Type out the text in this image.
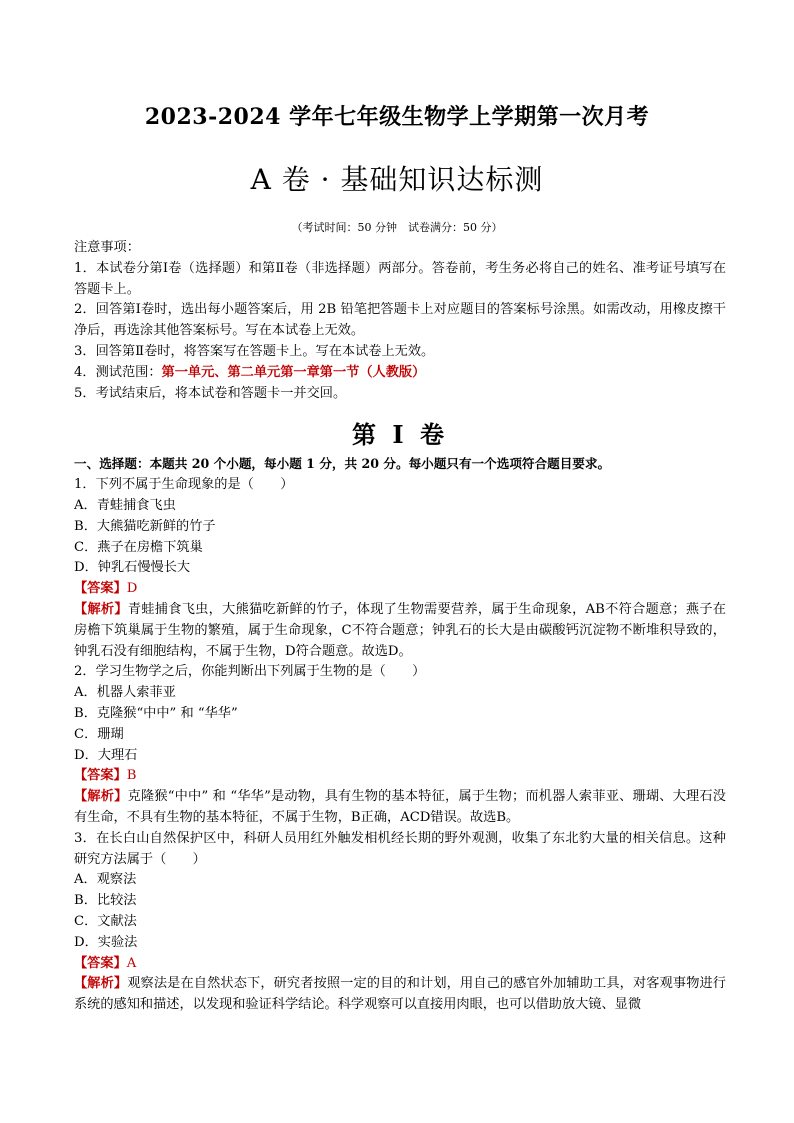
2023-2024 学年七年级生物学上学期第一次月考
A 卷 · 基础知识达标测
（考试时间：50 分钟　试卷满分：50 分）
注意事项：
1．本试卷分第Ⅰ卷（选择题）和第Ⅱ卷（非选择题）两部分。答卷前，考生务必将自己的姓名、准考证号填写在答题卡上。
2．回答第Ⅰ卷时，选出每小题答案后，用 2B 铅笔把答题卡上对应题目的答案标号涂黑。如需改动，用橡皮擦干净后，再选涂其他答案标号。写在本试卷上无效。
3．回答第Ⅱ卷时，将答案写在答题卡上。写在本试卷上无效。
4．测试范围：第一单元、第二单元第一章第一节（人教版）
5．考试结束后，将本试卷和答题卡一并交回。
第 Ⅰ 卷
一、选择题：本题共 20 个小题，每小题 1 分，共 20 分。每小题只有一个选项符合题目要求。
1．下列不属于生命现象的是（　　）
A．青蛙捕食飞虫
B．大熊猫吃新鲜的竹子
C．燕子在房檐下筑巢
D．钟乳石慢慢长大
【答案】D
【解析】青蛙捕食飞虫，大熊猫吃新鲜的竹子，体现了生物需要营养，属于生命现象，AB不符合题意；燕子在房檐下筑巢属于生物的繁殖，属于生命现象，C不符合题意；钟乳石的长大是由碳酸钙沉淀物不断堆积导致的，钟乳石没有细胞结构，不属于生物，D符合题意。故选D。
2．学习生物学之后，你能判断出下列属于生物的是（　　）
A．机器人索菲亚
B．克隆猴“中中” 和 “华华”
C．珊瑚
D．大理石
【答案】B
【解析】克隆猴“中中” 和 “华华”是动物，具有生物的基本特征，属于生物；而机器人索菲亚、珊瑚、大理石没有生命，不具有生物的基本特征，不属于生物，B正确，ACD错误。故选B。
3．在长白山自然保护区中，科研人员用红外触发相机经长期的野外观测，收集了东北豹大量的相关信息。这种研究方法属于（　　）
A．观察法
B．比较法
C．文献法
D．实验法
【答案】A
【解析】观察法是在自然状态下，研究者按照一定的目的和计划，用自己的感官外加辅助工具，对客观事物进行系统的感知和描述，以发现和验证科学结论。科学观察可以直接用肉眼，也可以借助放大镜、显微
